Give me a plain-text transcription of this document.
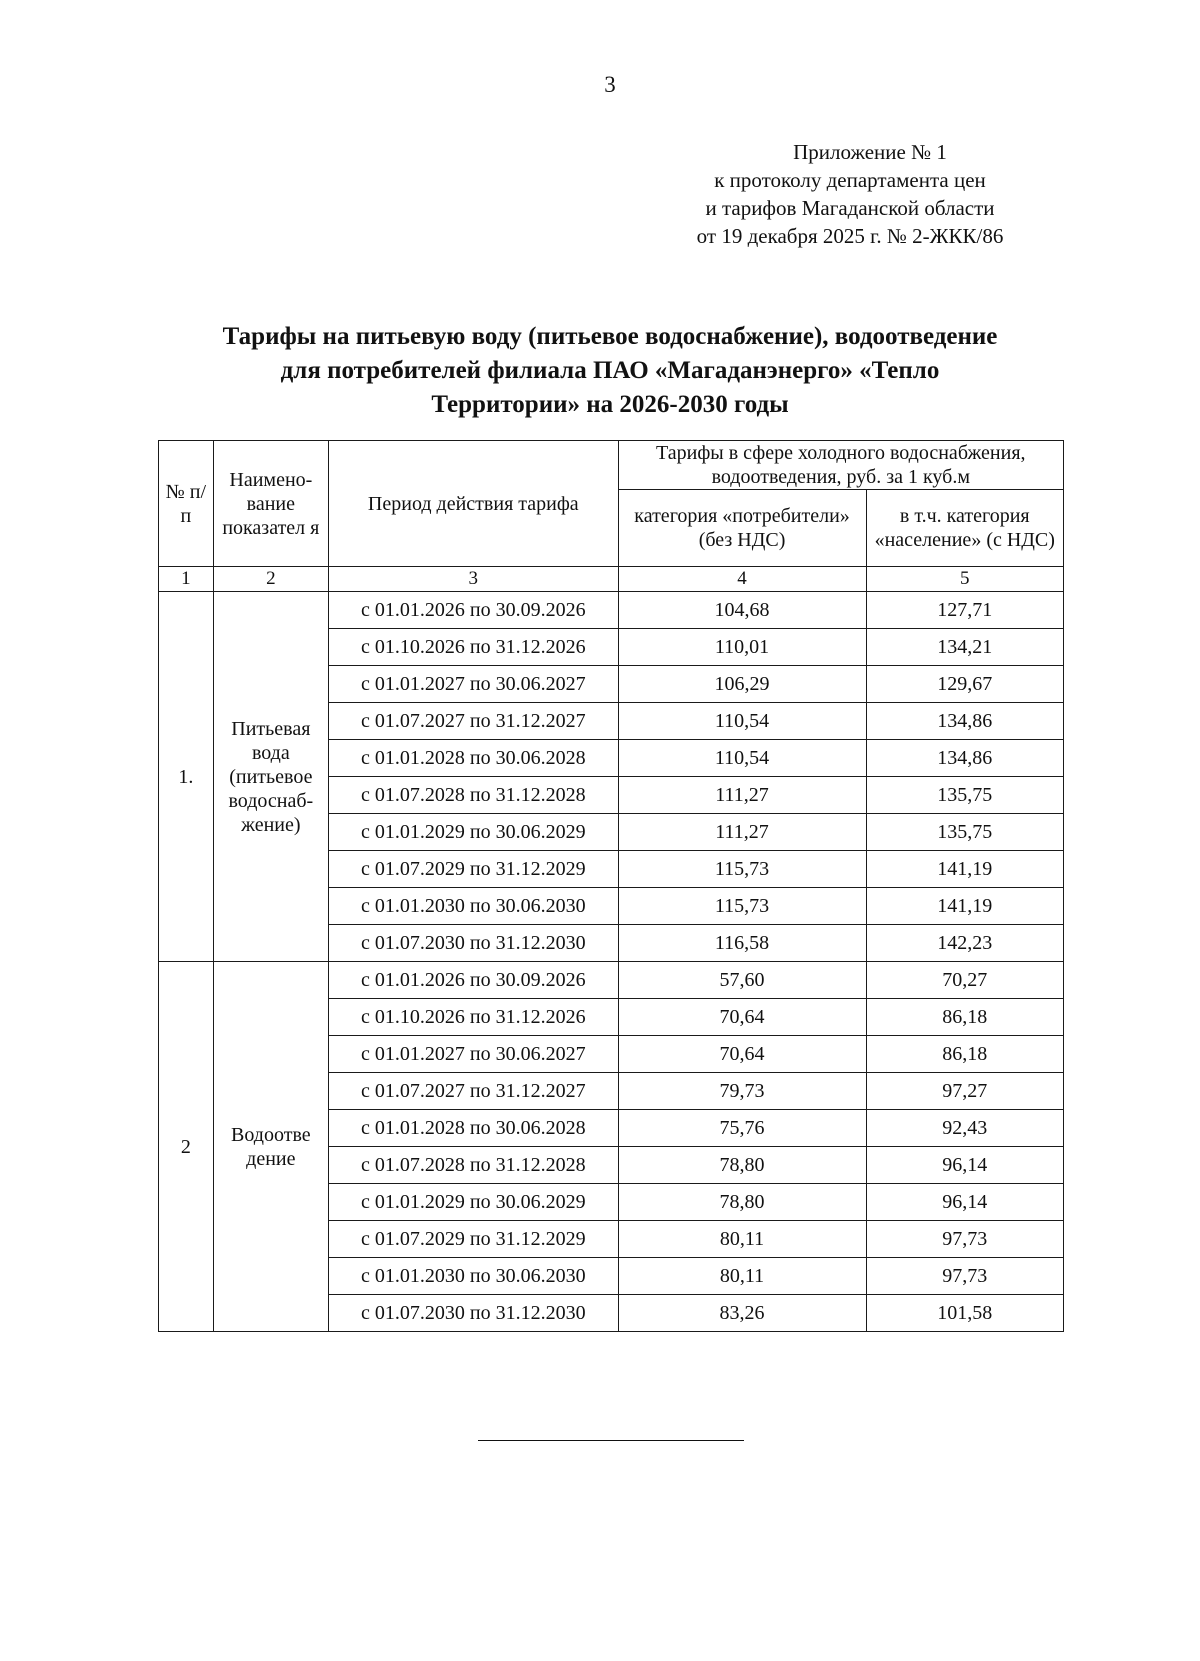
3
Приложение № 1
к протоколу департамента цен
и тарифов Магаданской области
от 19 декабря 2025 г. № 2-ЖКК/86
Тарифы на питьевую воду (питьевое водоснабжение), водоотведение
для потребителей филиала ПАО «Магаданэнерго» «Тепло
Территории» на 2026-2030 годы
№ п/п	Наимено-вание показател я	Период действия тарифа	Тарифы в сфере холодного водоснабжения, водоотведения, руб. за 1 куб.м	
			категория «потребители» (без НДС)	в т.ч. категория «население» (с НДС)
1	2	3	4	5
1.	Питьевая вода (питьевое водоснаб-жение)	с 01.01.2026 по 30.09.2026	104,68	127,71
		с 01.10.2026 по 31.12.2026	110,01	134,21
		с 01.01.2027 по 30.06.2027	106,29	129,67
		с 01.07.2027 по 31.12.2027	110,54	134,86
		с 01.01.2028 по 30.06.2028	110,54	134,86
		с 01.07.2028 по 31.12.2028	111,27	135,75
		с 01.01.2029 по 30.06.2029	111,27	135,75
		с 01.07.2029 по 31.12.2029	115,73	141,19
		с 01.01.2030 по 30.06.2030	115,73	141,19
		с 01.07.2030 по 31.12.2030	116,58	142,23
2	Водоотве дение	с 01.01.2026 по 30.09.2026	57,60	70,27
		с 01.10.2026 по 31.12.2026	70,64	86,18
		с 01.01.2027 по 30.06.2027	70,64	86,18
		с 01.07.2027 по 31.12.2027	79,73	97,27
		с 01.01.2028 по 30.06.2028	75,76	92,43
		с 01.07.2028 по 31.12.2028	78,80	96,14
		с 01.01.2029 по 30.06.2029	78,80	96,14
		с 01.07.2029 по 31.12.2029	80,11	97,73
		с 01.01.2030 по 30.06.2030	80,11	97,73
		с 01.07.2030 по 31.12.2030	83,26	101,58
